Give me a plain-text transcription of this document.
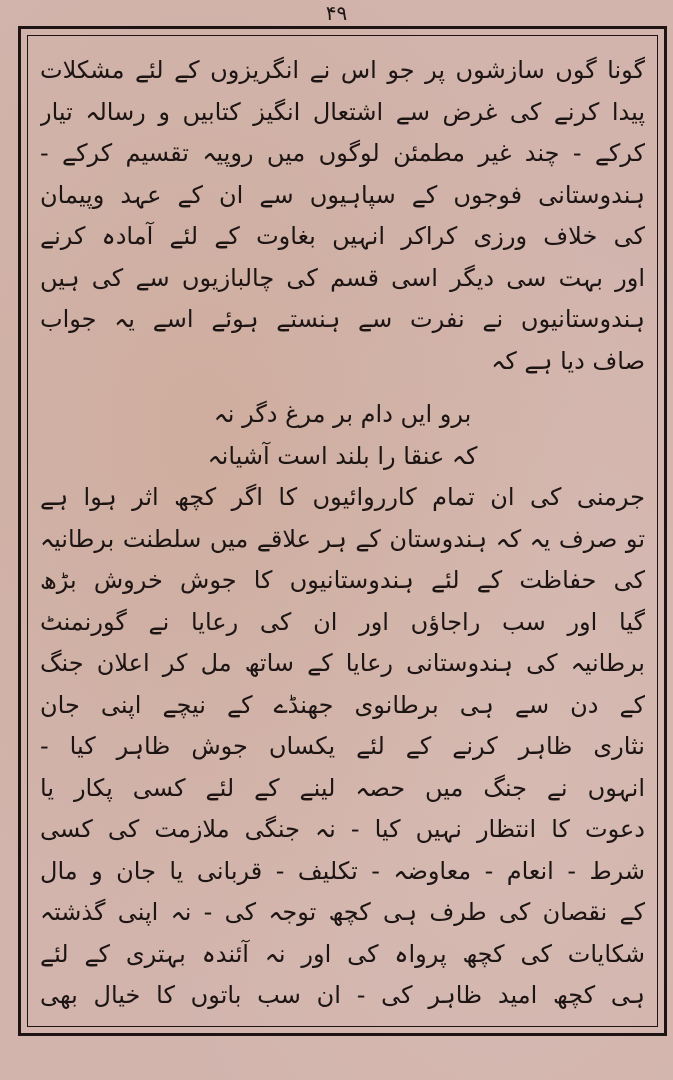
۴۹
گونا گوں سازشوں پر جو اس نے انگریزوں کے لئے مشکلات
پیدا کرنے کی غرض سے اشتعال انگیز کتابیں و رسالہ تیار
کرکے - چند غیر مطمئن لوگوں میں روپیہ تقسیم کرکے -
ہندوستانی فوجوں کے سپاہیوں سے ان کے عہد وپیمان
کی خلاف ورزی کراکر انہیں بغاوت کے لئے آمادہ کرنے
اور بہت سی دیگر اسی قسم کی چالبازیوں سے کی ہیں
ہندوستانیوں نے نفرت سے ہنستے ہوئے اسے یہ جواب
صاف دیا ہے کہ
برو ایں دام بر مرغ دگر نہ
کہ عنقا را بلند است آشیانہ
جرمنی کی ان تمام کارروائیوں کا اگر کچھ اثر ہوا ہے
تو صرف یہ کہ ہندوستان کے ہر علاقے میں سلطنت برطانیہ
کی حفاظت کے لئے ہندوستانیوں کا جوش خروش بڑھ
گیا اور سب راجاؤں اور ان کی رعایا نے گورنمنٹ
برطانیہ کی ہندوستانی رعایا کے ساتھ مل کر اعلان جنگ
کے دن سے ہی برطانوی جھنڈے کے نیچے اپنی جان
نثاری ظاہر کرنے کے لئے یکساں جوش ظاہر کیا -
انہوں نے جنگ میں حصہ لینے کے لئے کسی پکار یا
دعوت کا انتظار نہیں کیا - نہ جنگی ملازمت کی کسی
شرط - انعام - معاوضہ - تکلیف - قربانی یا جان و مال
کے نقصان کی طرف ہی کچھ توجہ کی - نہ اپنی گذشتہ
شکایات کی کچھ پرواہ کی اور نہ آئندہ بہتری کے لئے
ہی کچھ امید ظاہر کی - ان سب باتوں کا خیال بھی
